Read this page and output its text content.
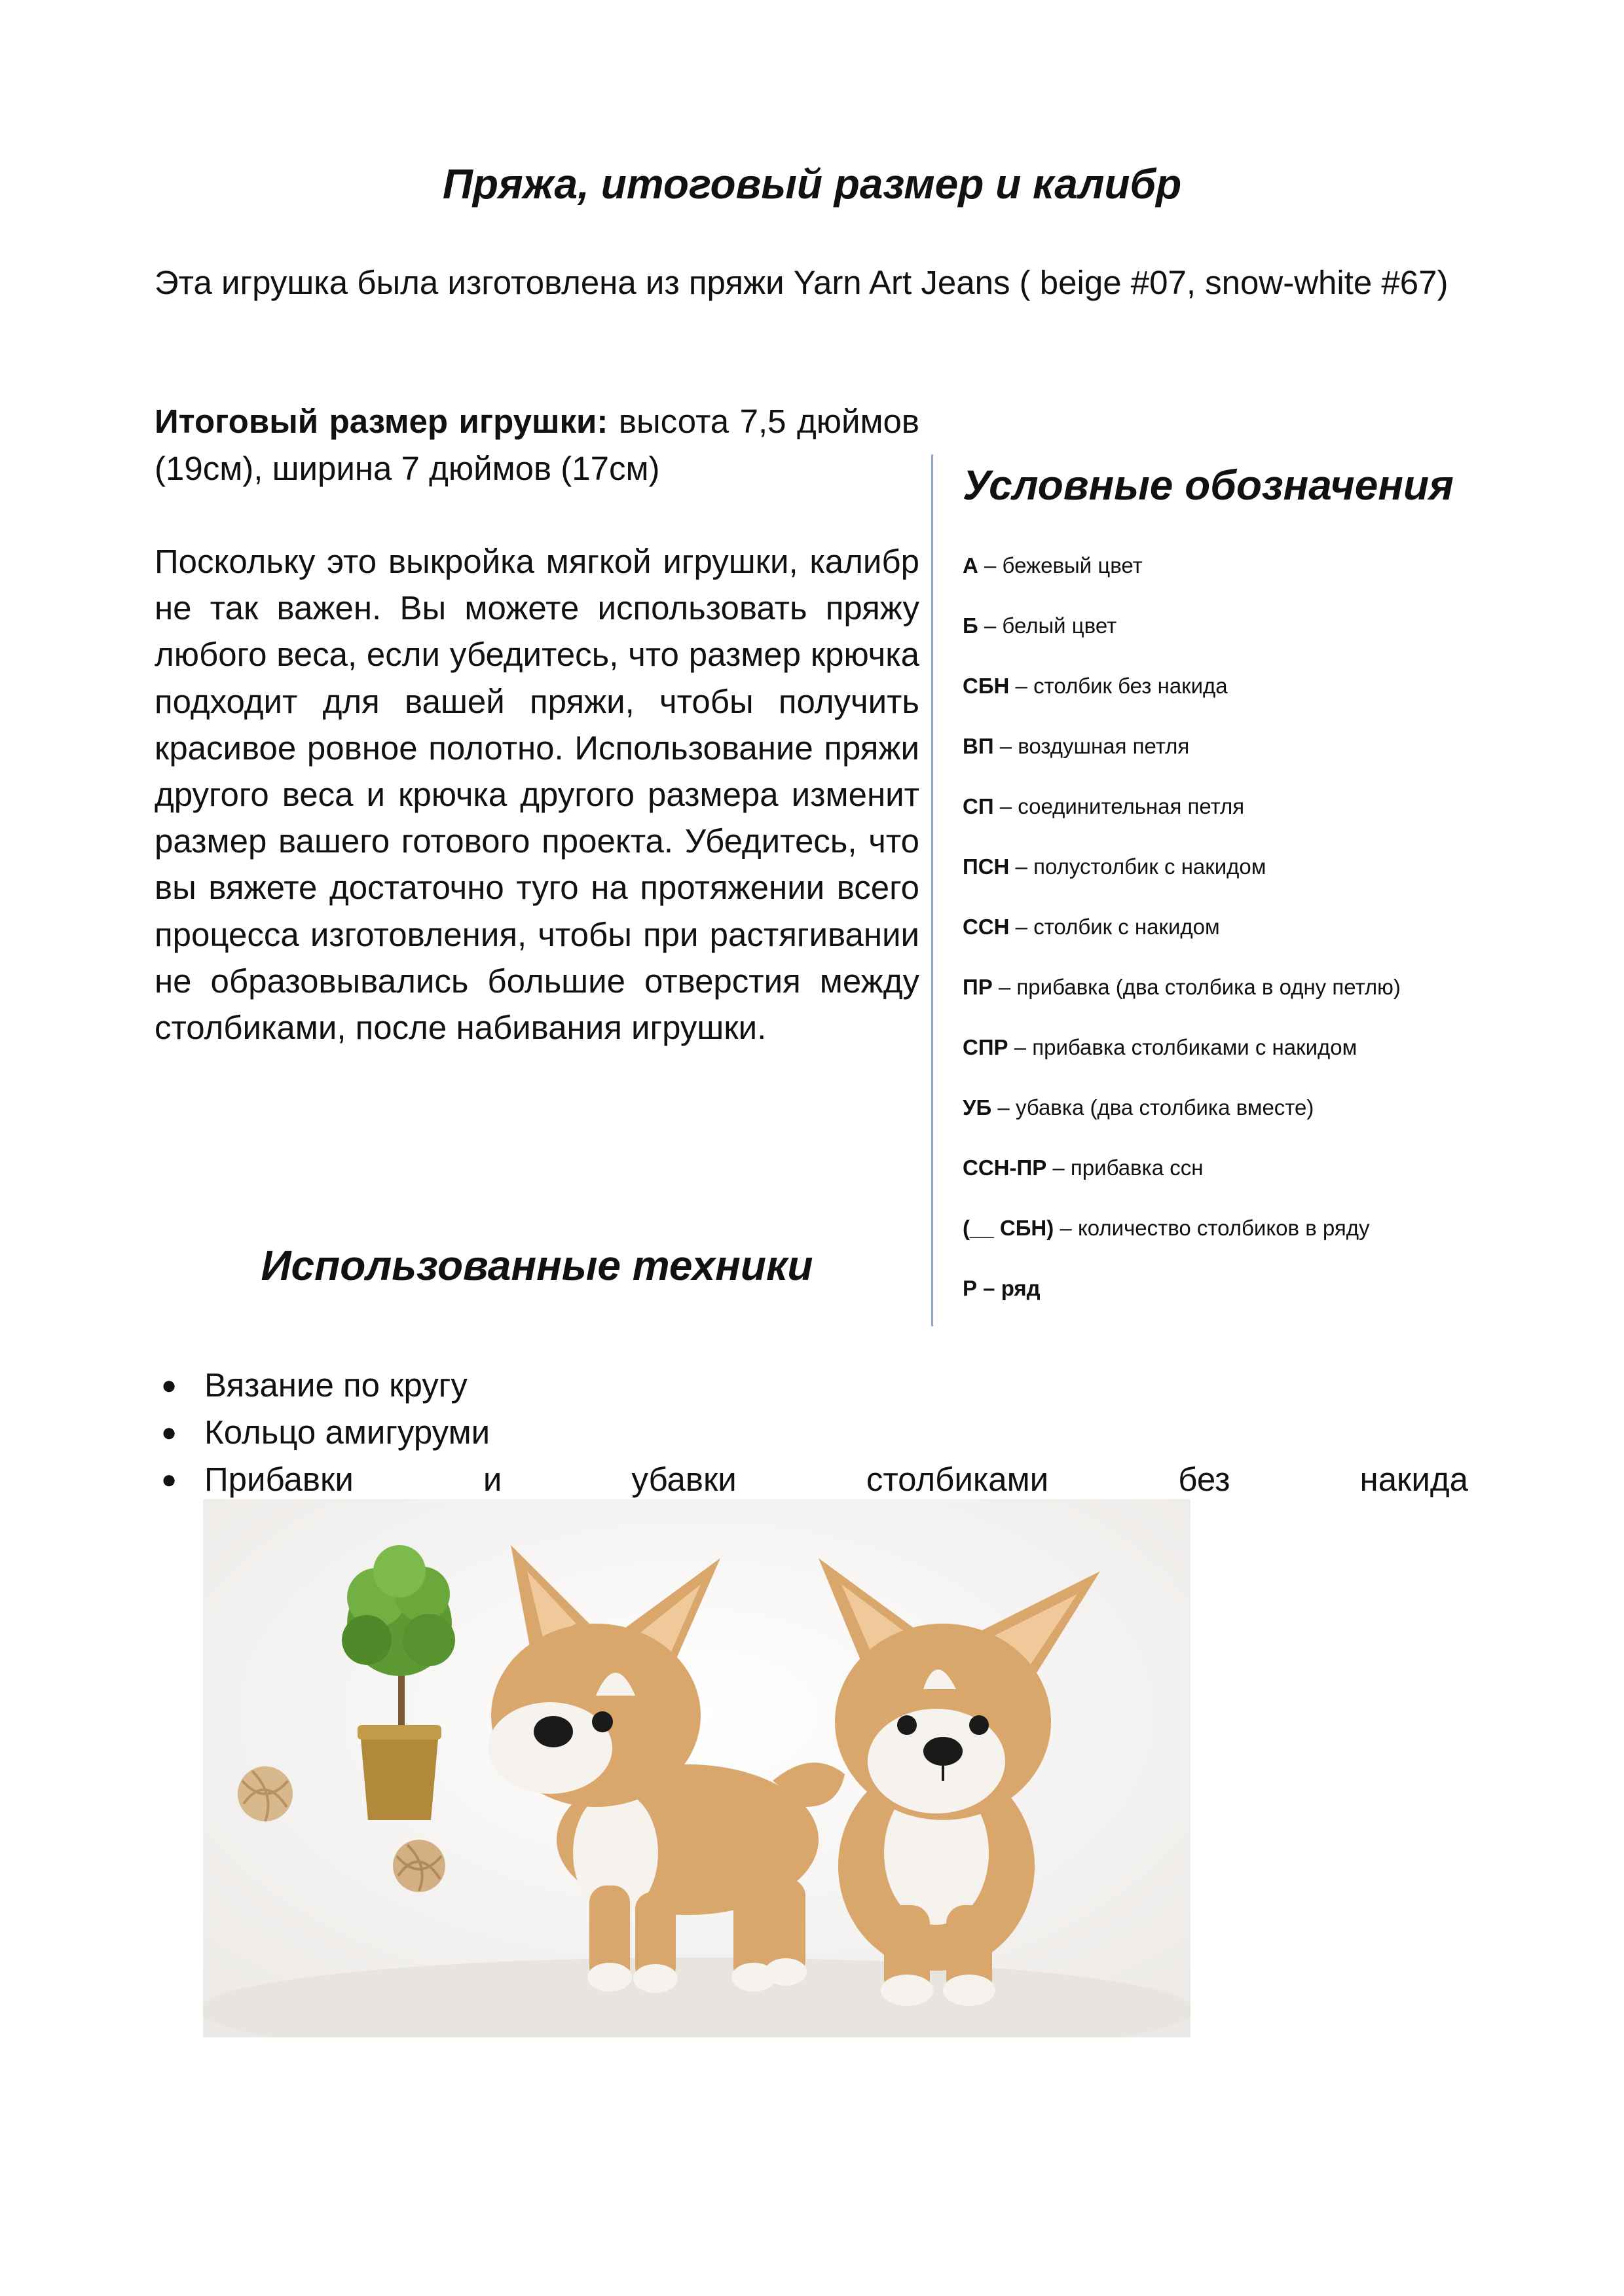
Пряжа, итоговый размер и калибр

Эта игрушка была изготовлена из пряжи Yarn Art Jeans ( beige #07, snow-white #67)

Итоговый размер игрушки: высота 7,5 дюймов (19см), ширина 7 дюймов (17см)

Поскольку это выкройка мягкой игрушки, калибр не так важен. Вы можете использовать пряжу любого веса, если убедитесь, что размер крючка подходит для вашей пряжи, чтобы получить красивое ровное полотно. Использование пряжи другого веса и крючка другого размера изменит размер вашего готового проекта. Убедитесь, что вы вяжете достаточно туго на протяжении всего процесса изготовления, чтобы при растягивании не образовывались большие отверстия между столбиками, после набивания игрушки.

Использованные техники
Условные обозначения
А – бежевый цвет
Б – белый цвет
СБН – столбик без накида
ВП – воздушная петля
СП – соединительная петля
ПСН – полустолбик с накидом
ССН – столбик с накидом
ПР – прибавка (два столбика в одну петлю)
СПР – прибавка столбиками с накидом
УБ – убавка (два столбика вместе)
ССН-ПР – прибавка ссн
(__ СБН) – количество столбиков в ряду
Р – ряд
● Вязание по кругу
● Кольцо амигуруми
● Прибавки	и	убавки	столбиками	без	накида
